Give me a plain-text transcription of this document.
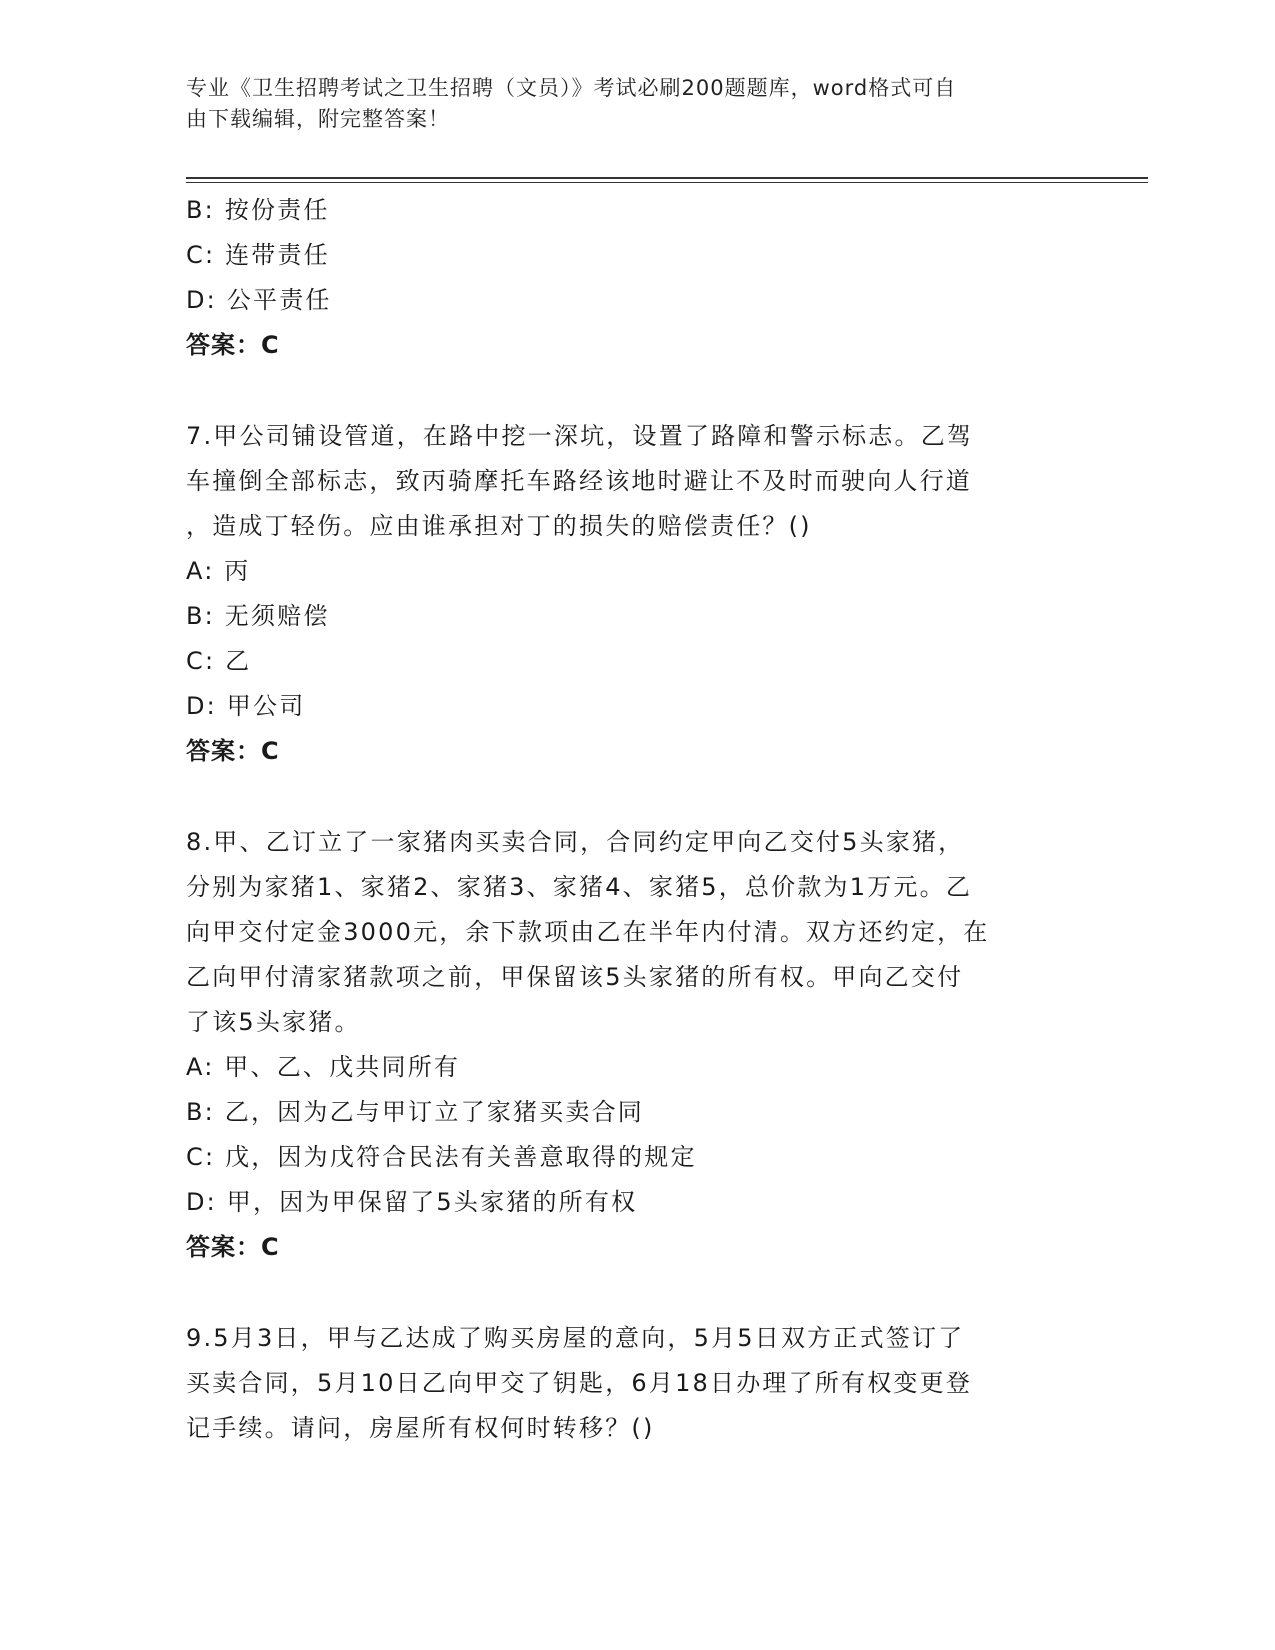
专业《卫生招聘考试之卫生招聘（文员）》考试必刷200题题库，word格式可自
由下载编辑，附完整答案！
B: 按份责任
C: 连带责任
D: 公平责任
答案：C
7.甲公司铺设管道，在路中挖一深坑，设置了路障和警示标志。乙驾
车撞倒全部标志，致丙骑摩托车路经该地时避让不及时而驶向人行道
，造成丁轻伤。应由谁承担对丁的损失的赔偿责任？()
A: 丙
B: 无须赔偿
C: 乙
D: 甲公司
答案：C
8.甲、乙订立了一家猪肉买卖合同，合同约定甲向乙交付5头家猪，
分别为家猪1、家猪2、家猪3、家猪4、家猪5，总价款为1万元。乙
向甲交付定金3000元，余下款项由乙在半年内付清。双方还约定，在
乙向甲付清家猪款项之前，甲保留该5头家猪的所有权。甲向乙交付
了该5头家猪。
A: 甲、乙、戊共同所有
B: 乙，因为乙与甲订立了家猪买卖合同
C: 戊，因为戊符合民法有关善意取得的规定
D: 甲，因为甲保留了5头家猪的所有权
答案：C
9.5月3日，甲与乙达成了购买房屋的意向，5月5日双方正式签订了
买卖合同，5月10日乙向甲交了钥匙，6月18日办理了所有权变更登
记手续。请问，房屋所有权何时转移？()
